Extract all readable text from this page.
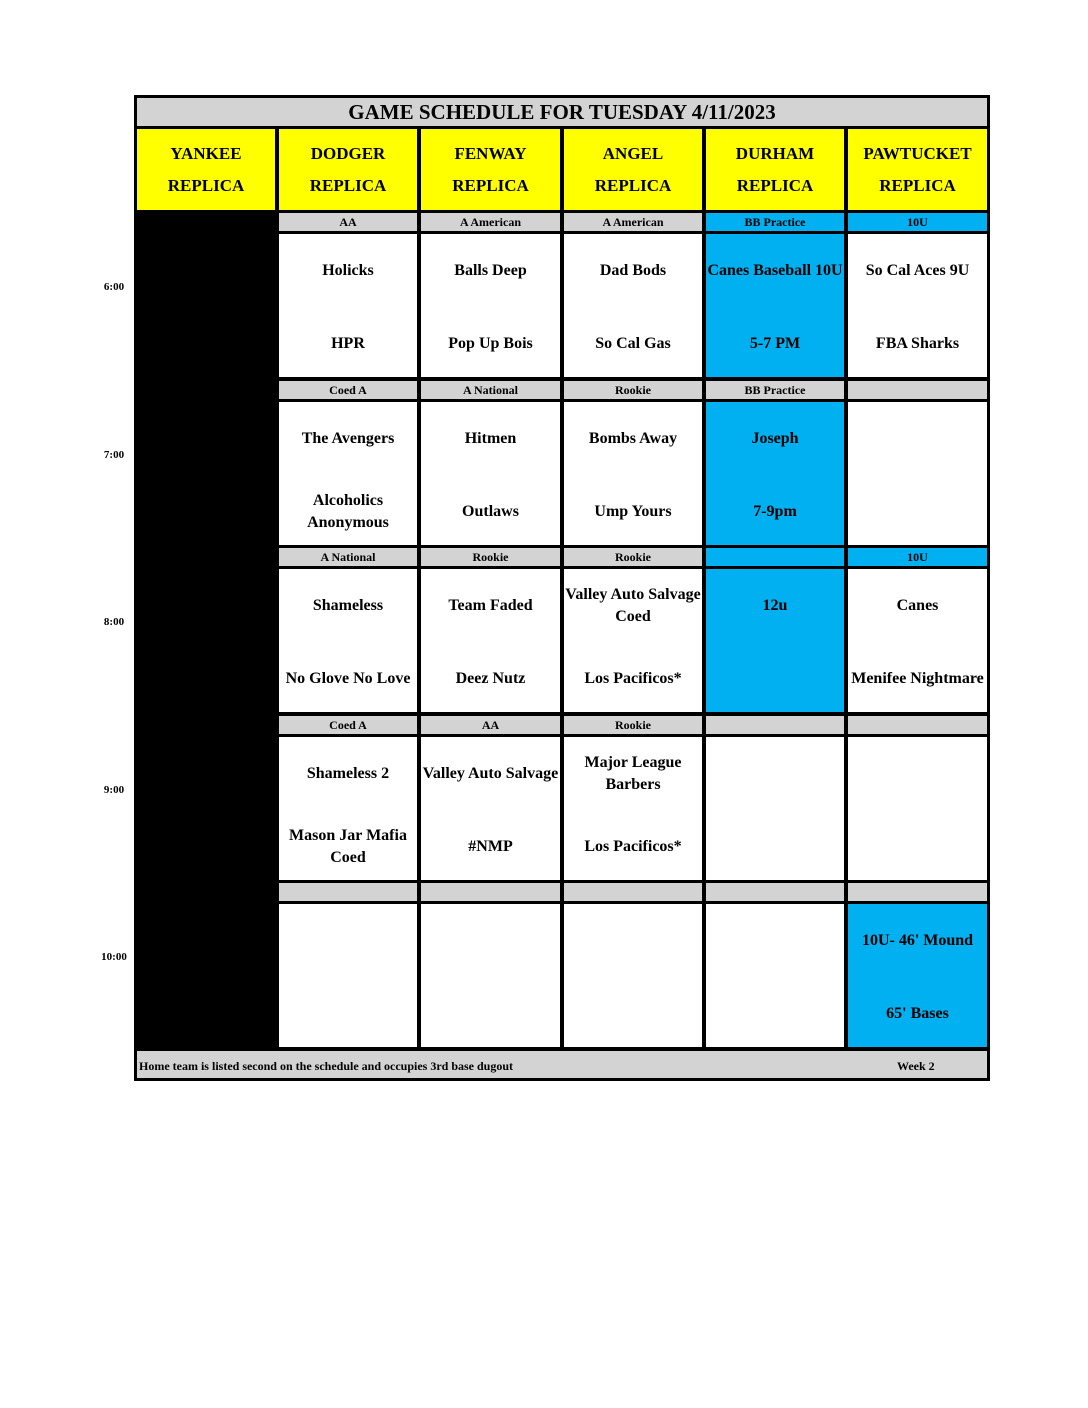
GAME SCHEDULE FOR TUESDAY 4/11/2023
YANKEE
REPLICA
DODGER
REPLICA
FENWAY
REPLICA
ANGEL
REPLICA
DURHAM
REPLICA
PAWTUCKET
REPLICA
AA
Holicks
HPR
A American
Balls Deep
Pop Up Bois
A American
Dad Bods
So Cal Gas
BB Practice
Canes Baseball 10U
5-7 PM
10U
So Cal Aces 9U
FBA Sharks
Coed A
The Avengers
Alcoholics Anonymous
A National
Hitmen
Outlaws
Rookie
Bombs Away
Ump Yours
BB Practice
Joseph
7-9pm
A National
Shameless
No Glove No Love
Rookie
Team Faded
Deez Nutz
Rookie
Valley Auto Salvage Coed
Los Pacificos*
12u
10U
Canes
Menifee Nightmare
Coed A
Shameless 2
Mason Jar Mafia Coed
AA
Valley Auto Salvage
#NMP
Rookie
Major League Barbers
Los Pacificos*
10U- 46' Mound
65' Bases
6:00
7:00
8:00
9:00
10:00
Home team is listed second on the schedule and occupies 3rd base dugout	Week 2
